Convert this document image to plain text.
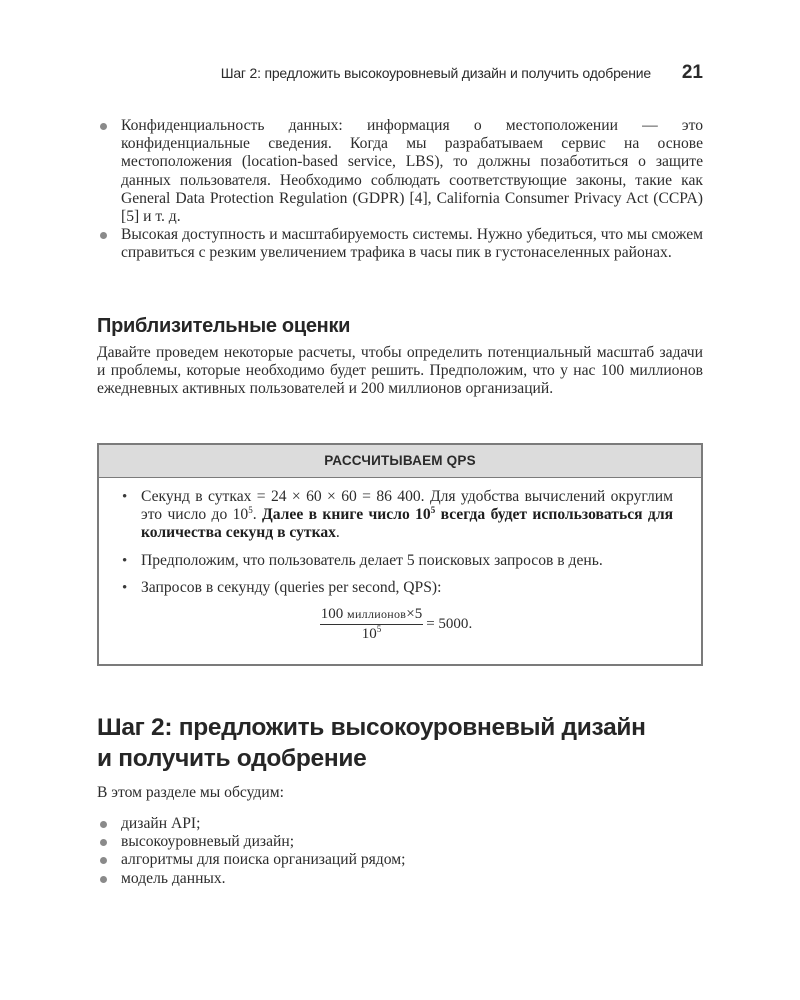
Шаг 2: предложить высокоуровневый дизайн и получить одобрение 21
Конфиденциальность данных: информация о местоположении — это конфиденциальные сведения. Когда мы разрабатываем сервис на основе местоположения (location-based service, LBS), то должны позаботиться о защите данных пользователя. Необходимо соблюдать соответствующие законы, такие как General Data Protection Regulation (GDPR) [4], California Consumer Privacy Act (CCPA) [5] и т. д.
Высокая доступность и масштабируемость системы. Нужно убедиться, что мы сможем справиться с резким увеличением трафика в часы пик в густонаселенных районах.
Приблизительные оценки

Давайте проведем некоторые расчеты, чтобы определить потенциальный масштаб задачи и проблемы, которые необходимо будет решить. Предположим, что у нас 100 миллионов ежедневных активных пользователей и 200 миллионов организаций.

РАССЧИТЫВАЕМ QPS
• Секунд в сутках = 24 × 60 × 60 = 86 400. Для удобства вычислений округлим это число до $10^5$. Далее в книге число $10^5$ всегда будет использоваться для количества секунд в сутках.
• Предположим, что пользователь делает 5 поисковых запросов в день.
• Запросов в секунду (queries per second, QPS):
$\frac{\text{100 миллионов×5}}{10^5} = 5000$ .
Шаг 2: предложить высокоуровневый дизайн
и получить одобрение

В этом разделе мы обсудим:

дизайн API;
высокоуровневый дизайн;
алгоритмы для поиска организаций рядом;
модель данных.
